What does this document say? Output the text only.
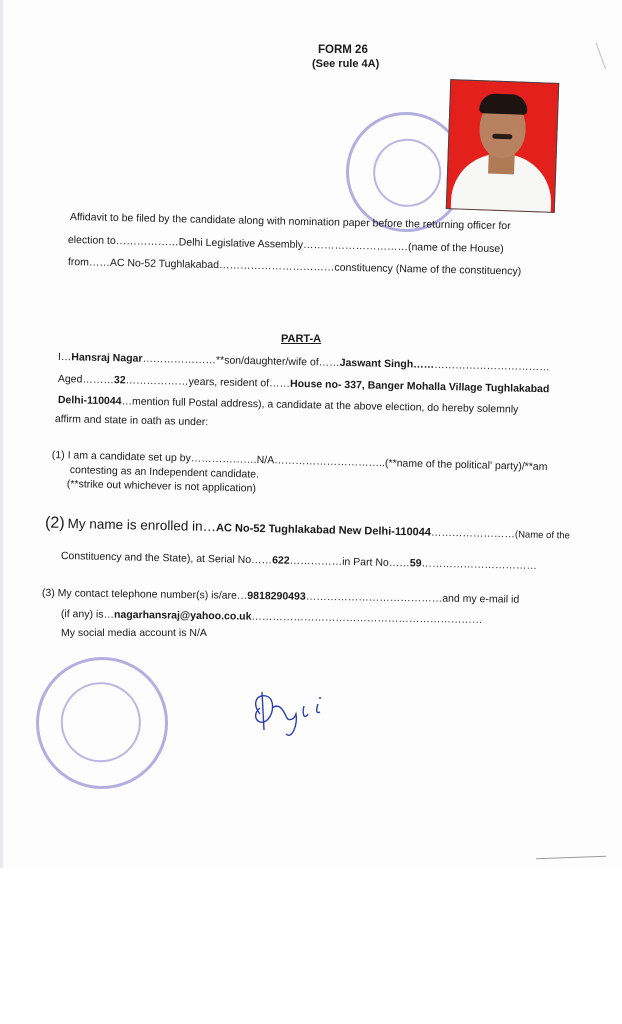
FORM 26
(See rule 4A)
Affidavit to be filed by the candidate along with nomination paper before the returning officer for
election to………………Delhi Legislative Assembly…………………………(name of the House)
from……AC No-52 Tughlakabad……………………………constituency (Name of the constituency)
PART-A
I…Hansraj Nagar…………………**son/daughter/wife of……Jaswant Singh…………………………………
Aged………32………………years, resident of……House no- 337, Banger Mohalla Village Tughlakabad
Delhi-110044…mention full Postal address), a candidate at the above election, do hereby solemnly
affirm and state in oath as under:
(1) I am a candidate set up by……………….N/A…………………………..(**name of the political' party)/**am
contesting as an Independent candidate.
(**strike out whichever is not application)
(2) My name is enrolled in…AC No-52 Tughlakabad New Delhi-110044……………………(Name of the
Constituency and the State), at Serial No……622……………in Part No……59……………………………
(3) My contact telephone number(s) is/are…9818290493…………………………………and my e-mail id
(if any) is…nagarhansraj@yahoo.co.uk…………………………………………………………
My social media account is N/A
